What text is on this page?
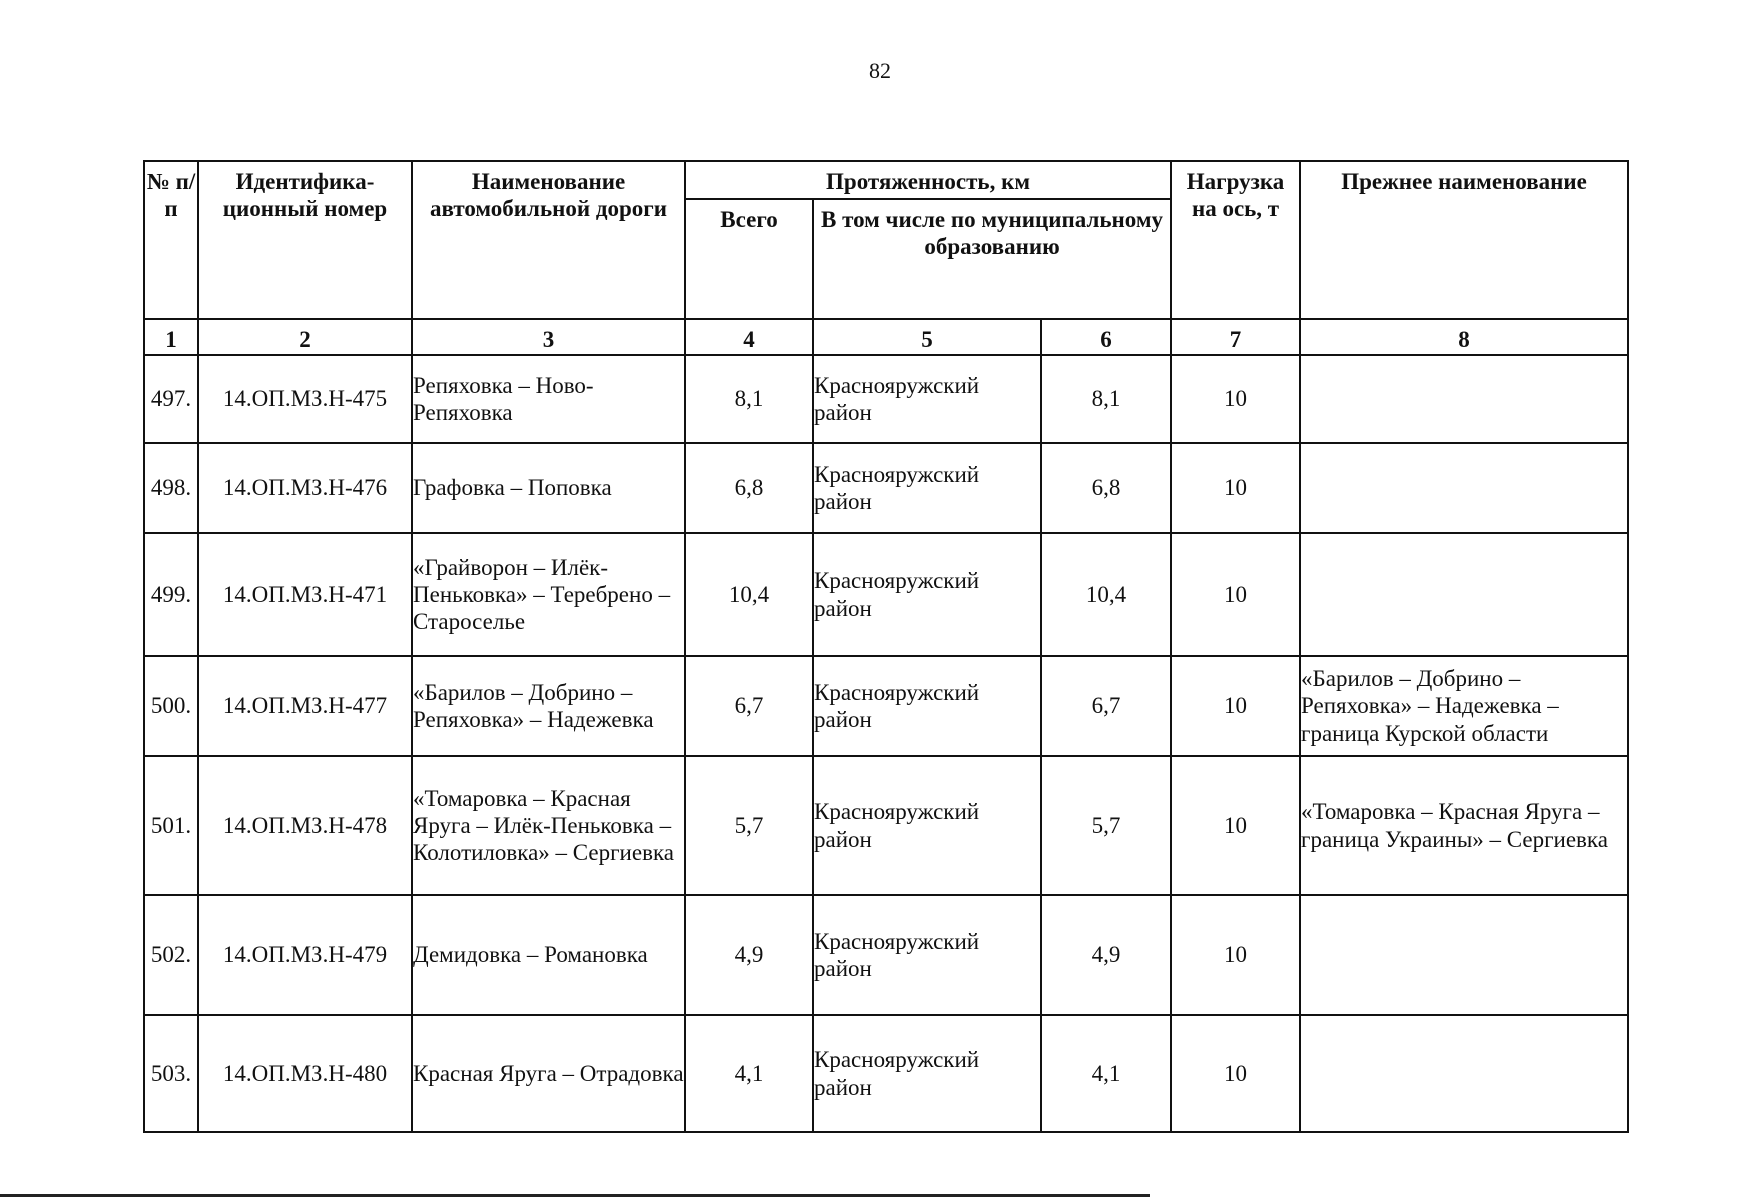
82
№ п/п	Идентифика-ционный номер	Наименование автомобильной дороги	Протяженность, км			Нагрузка на ось, т	Прежнее наименование
			Всего	В том числе по муниципальному образованию			
1	2	3	4	5	6	7	8
497.	14.ОП.МЗ.Н-475	Репяховка – Ново-Репяховка	8,1	Краснояружский район	8,1	10	
498.	14.ОП.МЗ.Н-476	Графовка – Поповка	6,8	Краснояружский район	6,8	10	
499.	14.ОП.МЗ.Н-471	«Грайворон – Илёк-Пеньковка» – Теребрено – Староселье	10,4	Краснояружский район	10,4	10	
500.	14.ОП.МЗ.Н-477	«Барилов – Добрино – Репяховка» – Надежевка	6,7	Краснояружский район	6,7	10	«Барилов – Добрино – Репяховка» – Надежевка – граница Курской области
501.	14.ОП.МЗ.Н-478	«Томаровка – Красная Яруга – Илёк-Пеньковка – Колотиловка» – Сергиевка	5,7	Краснояружский район	5,7	10	«Томаровка – Красная Яруга – граница Украины» – Сергиевка
502.	14.ОП.МЗ.Н-479	Демидовка – Романовка	4,9	Краснояружский район	4,9	10	
503.	14.ОП.МЗ.Н-480	Красная Яруга – Отрадовка	4,1	Краснояружский район	4,1	10	
